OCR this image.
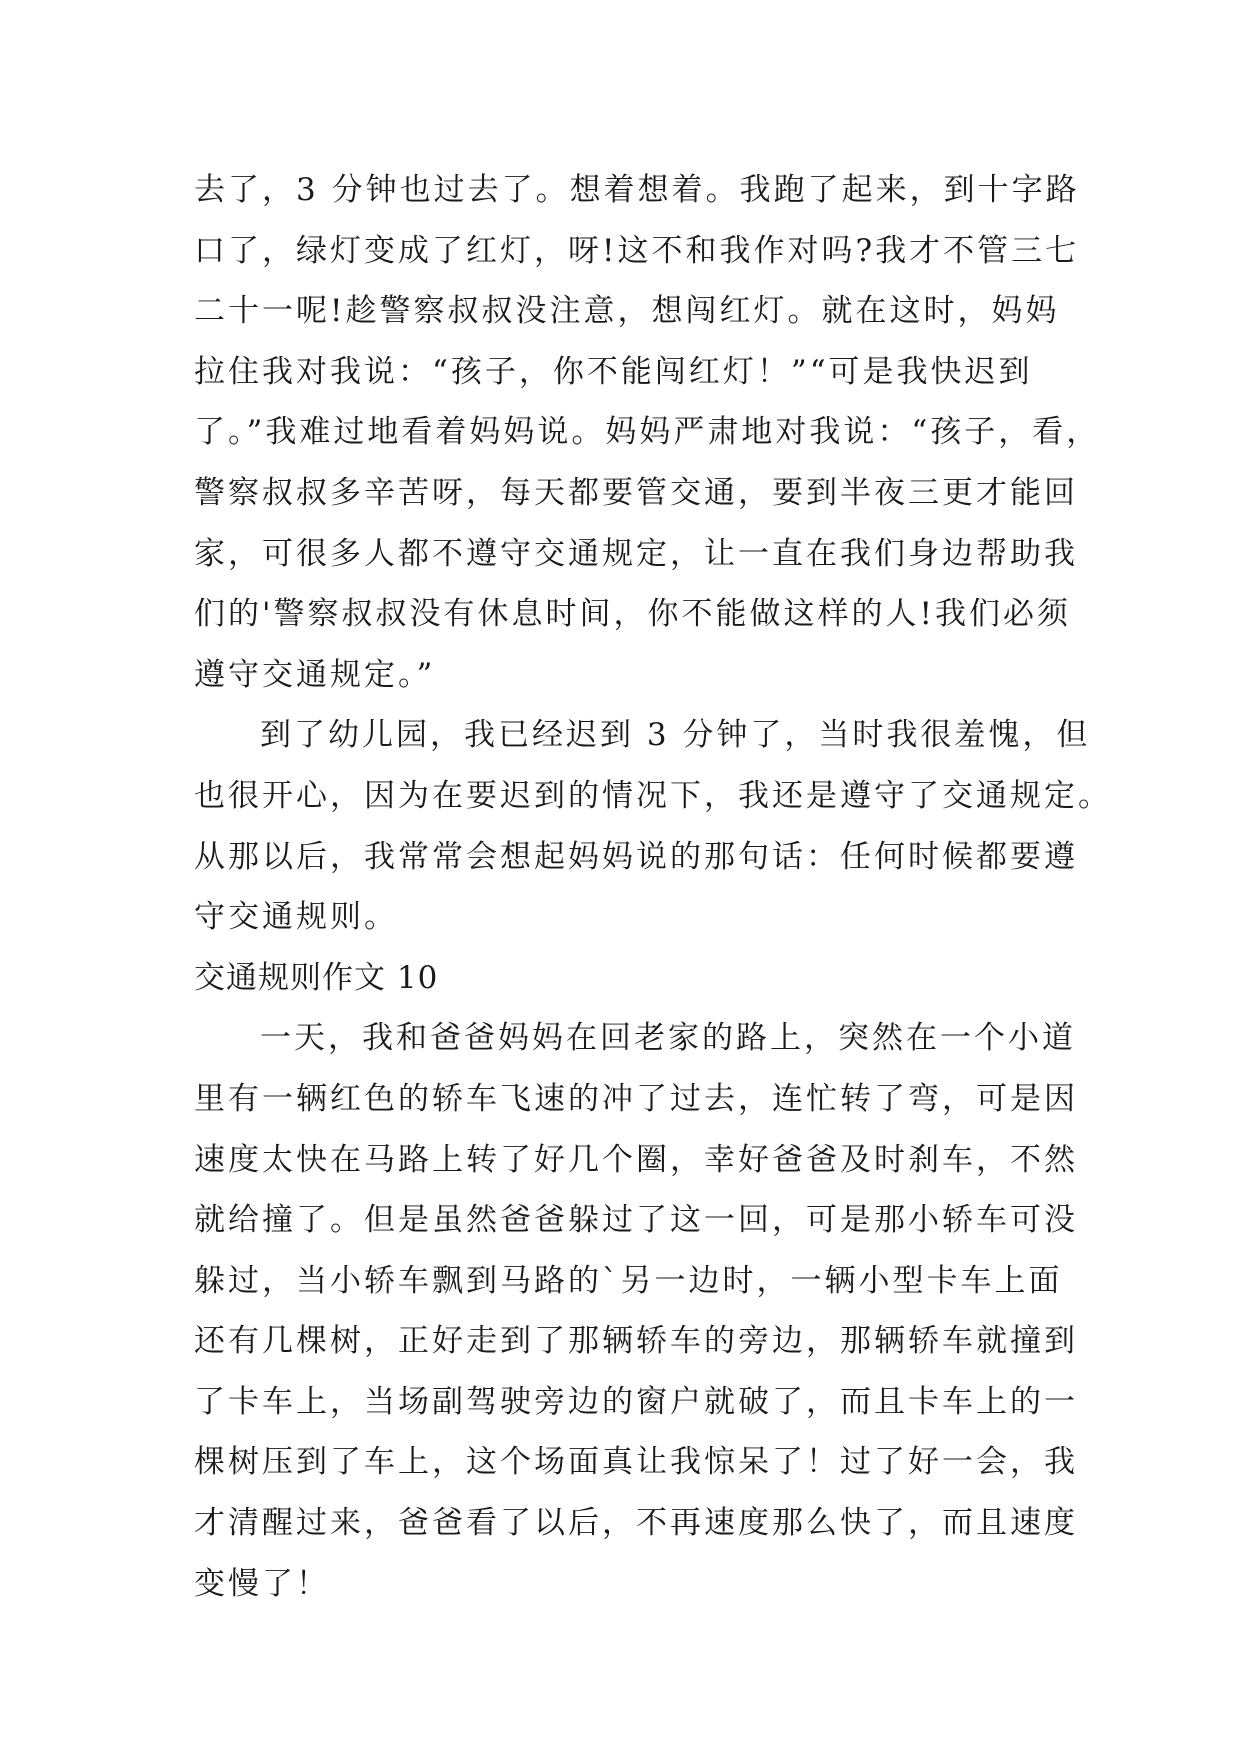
去了，3 分钟也过去了。想着想着。我跑了起来，到十字路
口了，绿灯变成了红灯，呀!这不和我作对吗?我才不管三七
二十一呢!趁警察叔叔没注意，想闯红灯。就在这时，妈妈
拉住我对我说：“孩子，你不能闯红灯！”“可是我快迟到
了。”我难过地看着妈妈说。妈妈严肃地对我说：“孩子，看，
警察叔叔多辛苦呀，每天都要管交通，要到半夜三更才能回
家，可很多人都不遵守交通规定，让一直在我们身边帮助我
们的'警察叔叔没有休息时间，你不能做这样的人!我们必须
遵守交通规定。”
到了幼儿园，我已经迟到 3 分钟了，当时我很羞愧，但
也很开心，因为在要迟到的情况下，我还是遵守了交通规定。
从那以后，我常常会想起妈妈说的那句话：任何时候都要遵
守交通规则。
交通规则作文 10
一天，我和爸爸妈妈在回老家的路上，突然在一个小道
里有一辆红色的轿车飞速的冲了过去，连忙转了弯，可是因
速度太快在马路上转了好几个圈，幸好爸爸及时刹车，不然
就给撞了。但是虽然爸爸躲过了这一回，可是那小轿车可没
躲过，当小轿车飘到马路的`另一边时，一辆小型卡车上面
还有几棵树，正好走到了那辆轿车的旁边，那辆轿车就撞到
了卡车上，当场副驾驶旁边的窗户就破了，而且卡车上的一
棵树压到了车上，这个场面真让我惊呆了！过了好一会，我
才清醒过来，爸爸看了以后，不再速度那么快了，而且速度
变慢了！
